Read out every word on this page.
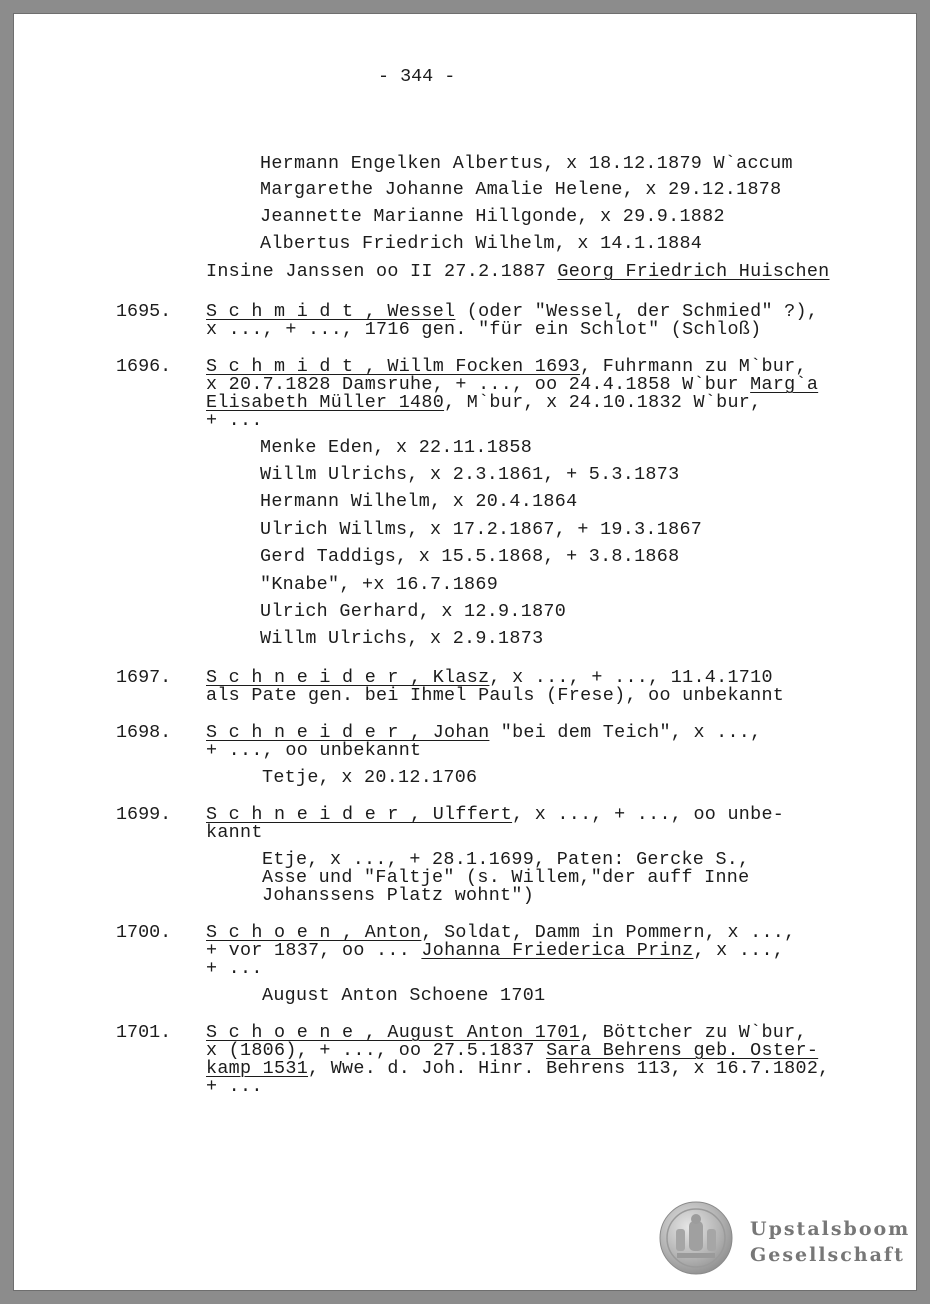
- 344 -
Hermann Engelken Albertus, x 18.12.1879 W`accum
Margarethe Johanne Amalie Helene, x 29.12.1878
Jeannette Marianne Hillgonde, x 29.9.1882
Albertus Friedrich Wilhelm, x 14.1.1884
Insine Janssen oo II 27.2.1887 Georg Friedrich Huischen
1695. S c h m i d t , Wessel (oder "Wessel, der Schmied" ?),
x ..., + ..., 1716 gen. "für ein Schlot" (Schloß)
1696. S c h m i d t , Willm Focken 1693, Fuhrmann zu M`bur,
x 20.7.1828 Damsruhe, + ..., oo 24.4.1858 W`bur Marg`a
Elisabeth Müller 1480, M`bur, x 24.10.1832 W`bur,
+ ...
Menke Eden, x 22.11.1858
Willm Ulrichs, x 2.3.1861, + 5.3.1873
Hermann Wilhelm, x 20.4.1864
Ulrich Willms, x 17.2.1867, + 19.3.1867
Gerd Taddigs, x 15.5.1868, + 3.8.1868
"Knabe", +x 16.7.1869
Ulrich Gerhard, x 12.9.1870
Willm Ulrichs, x 2.9.1873
1697. S c h n e i d e r , Klasz, x ..., + ..., 11.4.1710
als Pate gen. bei Ihmel Pauls (Frese), oo unbekannt
1698. S c h n e i d e r , Johan "bei dem Teich", x ...,
+ ..., oo unbekannt
Tetje, x 20.12.1706
1699. S c h n e i d e r , Ulffert, x ..., + ..., oo unbe-
kannt
Etje, x ..., + 28.1.1699, Paten: Gercke S.,
Asse und "Faltje" (s. Willem,"der auff Inne
Johanssens Platz wohnt")
1700. S c h o e n , Anton, Soldat, Damm in Pommern, x ...,
+ vor 1837, oo ... Johanna Friederica Prinz, x ...,
+ ...
August Anton Schoene 1701
1701. S c h o e n e , August Anton 1701, Böttcher zu W`bur,
x (1806), + ..., oo 27.5.1837 Sara Behrens geb. Oster-
kamp 1531, Wwe. d. Joh. Hinr. Behrens 113, x 16.7.1802,
+ ...
Upstalsboom
Gesellschaft
